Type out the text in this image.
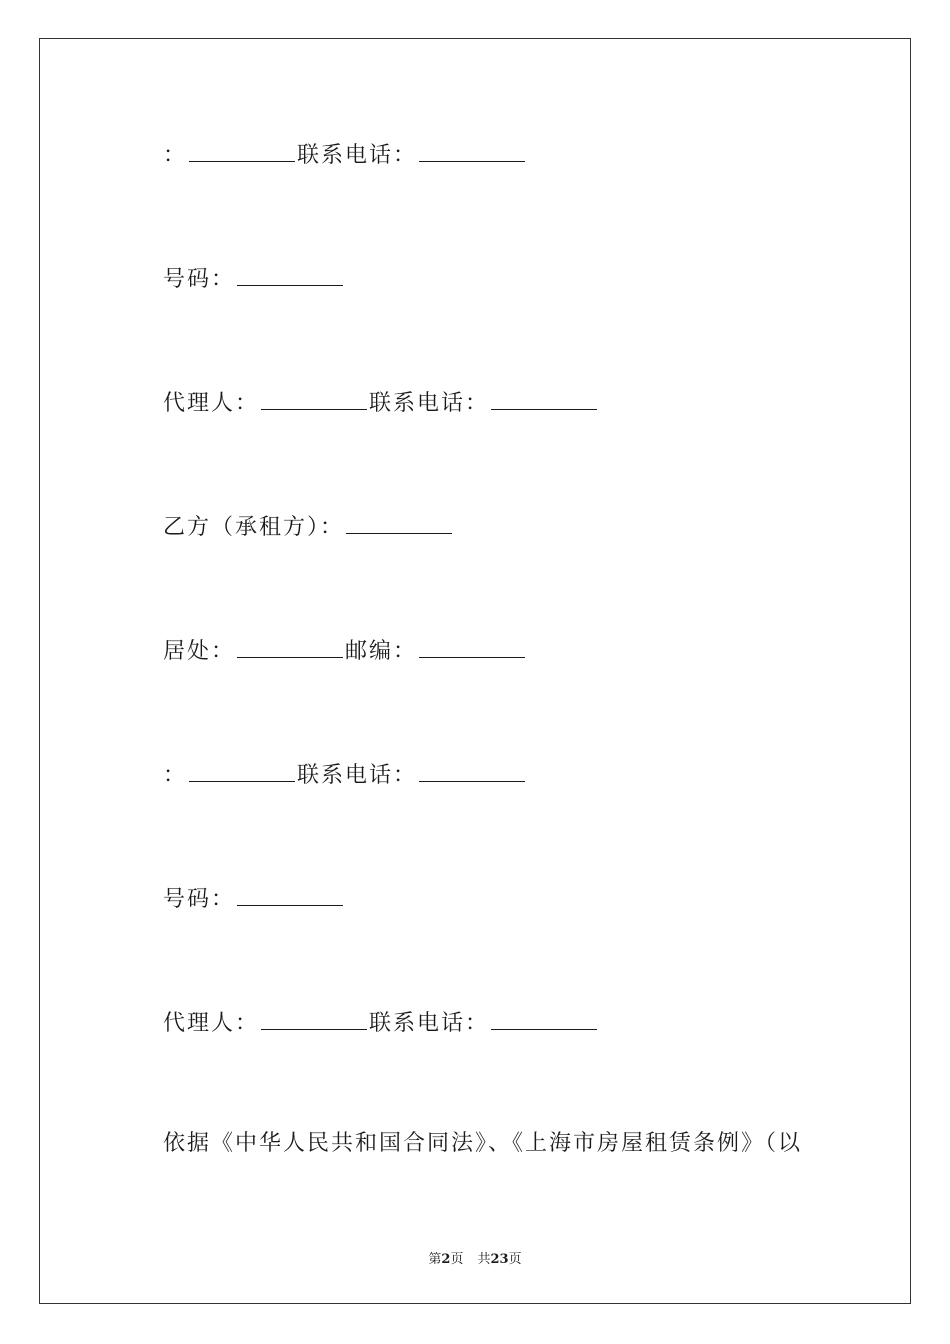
：	联系电话：
号码：
代理人：	联系电话：
乙方（承租方）：
居处：	邮编：
：	联系电话：
号码：
代理人：	联系电话：
依据《中华人民共和国合同法》、《上海市房屋租赁条例》（以
第2页 共23页
